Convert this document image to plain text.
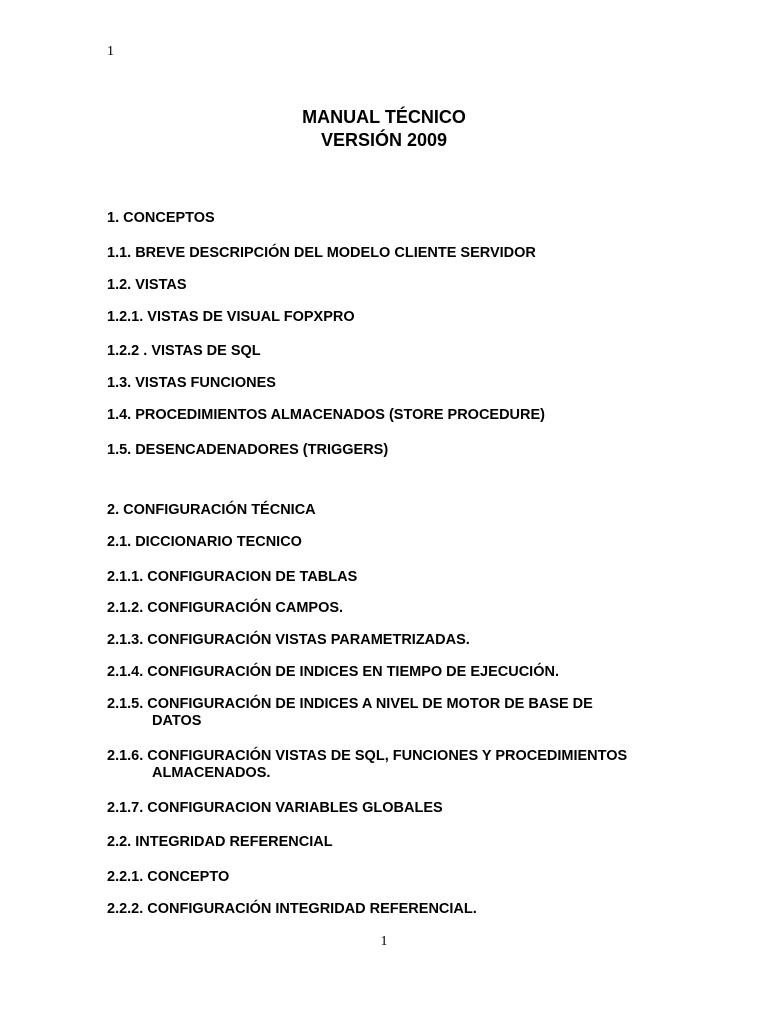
1
MANUAL TÉCNICO
VERSIÓN 2009
1. CONCEPTOS
1.1. BREVE DESCRIPCIÓN DEL MODELO CLIENTE SERVIDOR
1.2. VISTAS
1.2.1. VISTAS DE VISUAL FOPXPRO
1.2.2 . VISTAS DE SQL
1.3. VISTAS FUNCIONES
1.4. PROCEDIMIENTOS ALMACENADOS (STORE PROCEDURE)
1.5. DESENCADENADORES (TRIGGERS)
2. CONFIGURACIÓN TÉCNICA
2.1. DICCIONARIO TECNICO
2.1.1. CONFIGURACION DE TABLAS
2.1.2. CONFIGURACIÓN CAMPOS.
2.1.3. CONFIGURACIÓN VISTAS PARAMETRIZADAS.
2.1.4. CONFIGURACIÓN DE INDICES EN TIEMPO DE EJECUCIÓN.
2.1.5. CONFIGURACIÓN DE INDICES A NIVEL DE MOTOR DE BASE DE
DATOS
2.1.6. CONFIGURACIÓN VISTAS DE SQL, FUNCIONES Y PROCEDIMIENTOS
ALMACENADOS.
2.1.7. CONFIGURACION VARIABLES GLOBALES
2.2. INTEGRIDAD REFERENCIAL
2.2.1. CONCEPTO
2.2.2. CONFIGURACIÓN INTEGRIDAD REFERENCIAL.
1
